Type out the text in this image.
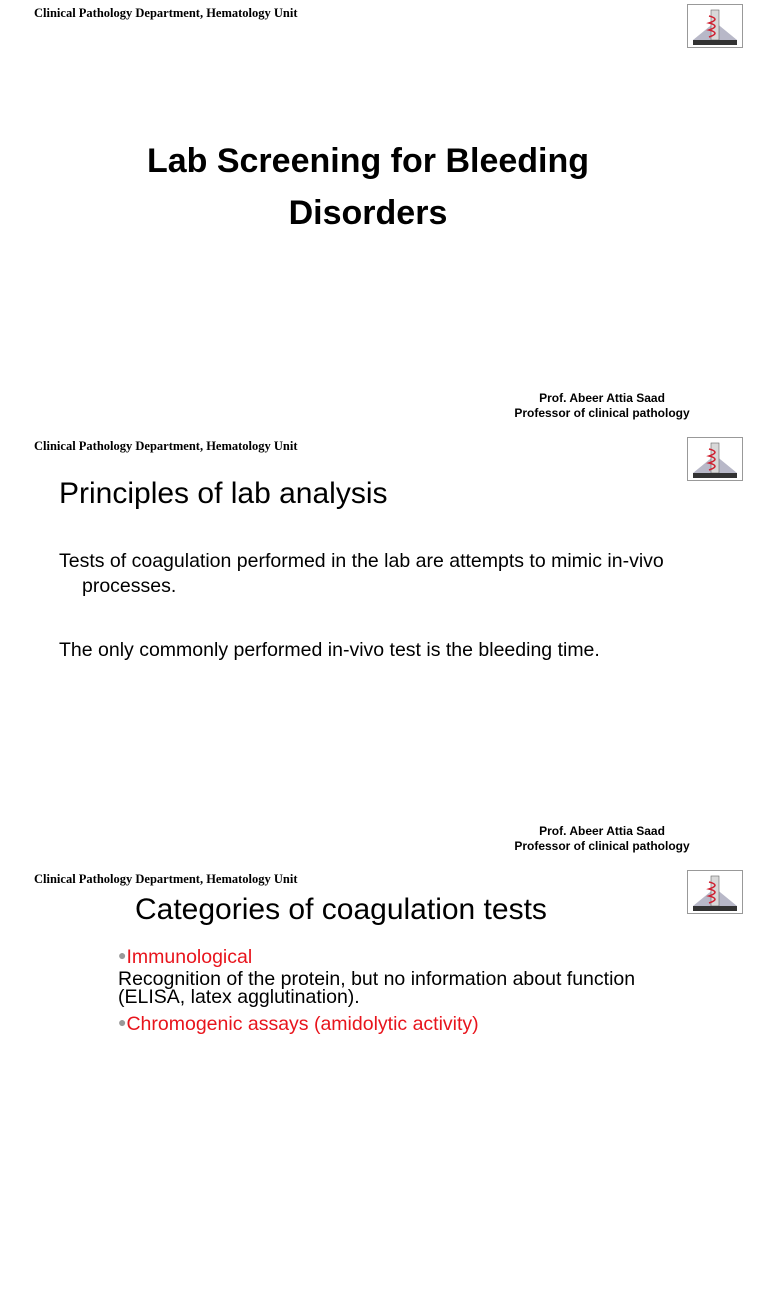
Clinical Pathology Department, Hematology Unit
Lab Screening for Bleeding
Disorders
Prof. Abeer Attia Saad
Professor of clinical pathology
Clinical Pathology Department, Hematology Unit
Principles of lab analysis
Tests of coagulation performed in the lab are attempts to mimic in-vivo
processes.
The only commonly performed in-vivo test is the bleeding time.
Prof. Abeer Attia Saad
Professor of clinical pathology
Clinical Pathology Department, Hematology Unit
Categories of coagulation tests
●Immunological
Recognition of the protein, but no information about function
(ELISA, latex agglutination).
●Chromogenic assays (amidolytic activity)
